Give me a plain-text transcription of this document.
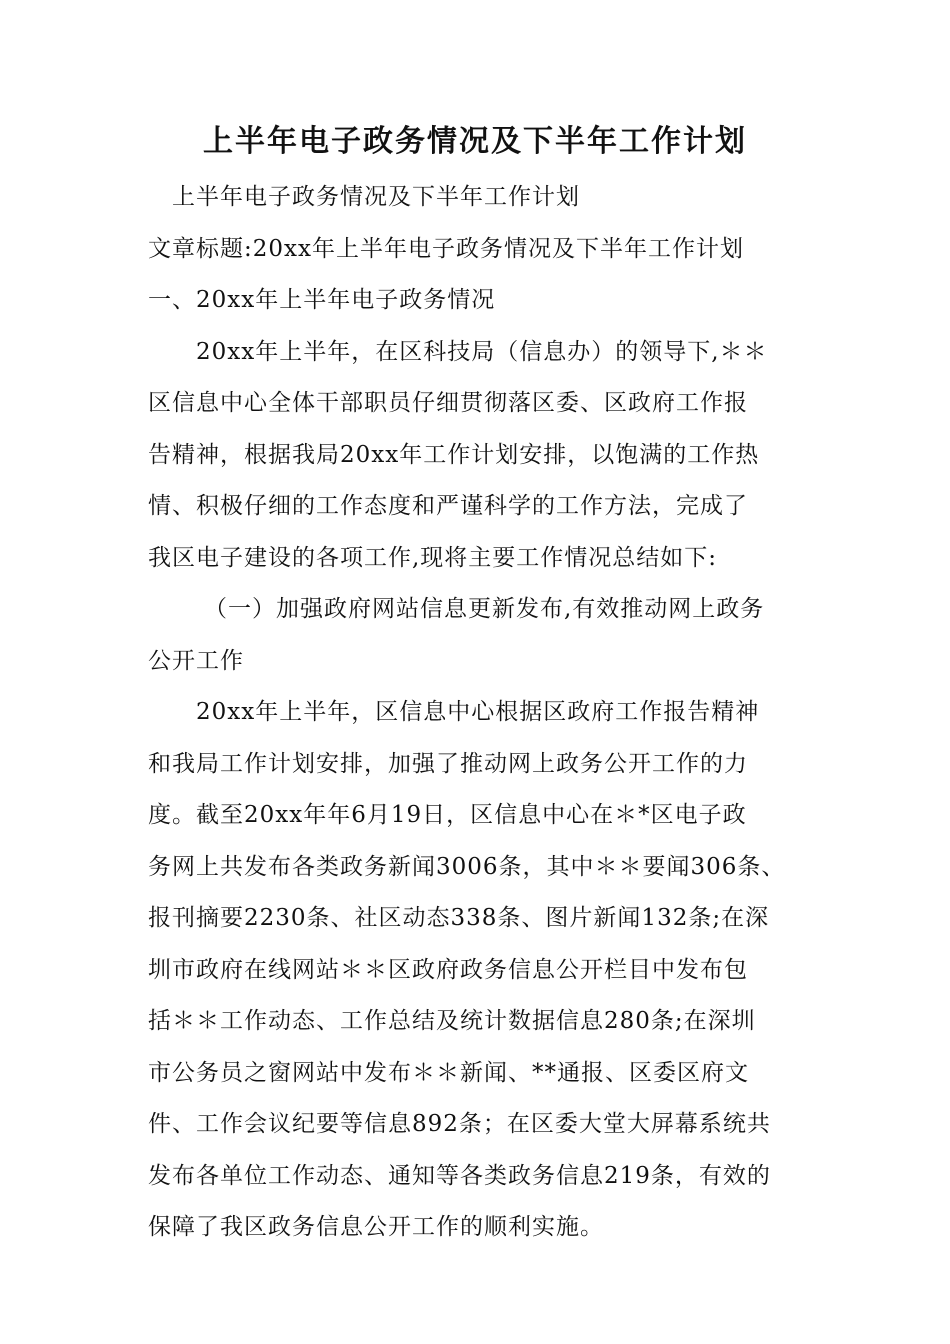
上半年电子政务情况及下半年工作计划
上半年电子政务情况及下半年工作计划
文章标题:20xx年上半年电子政务情况及下半年工作计划
一、20xx年上半年电子政务情况
20xx年上半年，在区科技局（信息办）的领导下,＊＊
区信息中心全体干部职员仔细贯彻落区委、区政府工作报
告精神，根据我局20xx年工作计划安排，以饱满的工作热
情、积极仔细的工作态度和严谨科学的工作方法，完成了
我区电子建设的各项工作,现将主要工作情况总结如下:
（一）加强政府网站信息更新发布,有效推动网上政务
公开工作
20xx年上半年，区信息中心根据区政府工作报告精神
和我局工作计划安排，加强了推动网上政务公开工作的力
度。截至20xx年年6月19日，区信息中心在＊*区电子政
务网上共发布各类政务新闻3006条，其中＊＊要闻306条、
报刊摘要2230条、社区动态338条、图片新闻132条;在深
圳市政府在线网站＊＊区政府政务信息公开栏目中发布包
括＊＊工作动态、工作总结及统计数据信息280条;在深圳
市公务员之窗网站中发布＊＊新闻、**通报、区委区府文
件、工作会议纪要等信息892条；在区委大堂大屏幕系统共
发布各单位工作动态、通知等各类政务信息219条，有效的
保障了我区政务信息公开工作的顺利实施。
